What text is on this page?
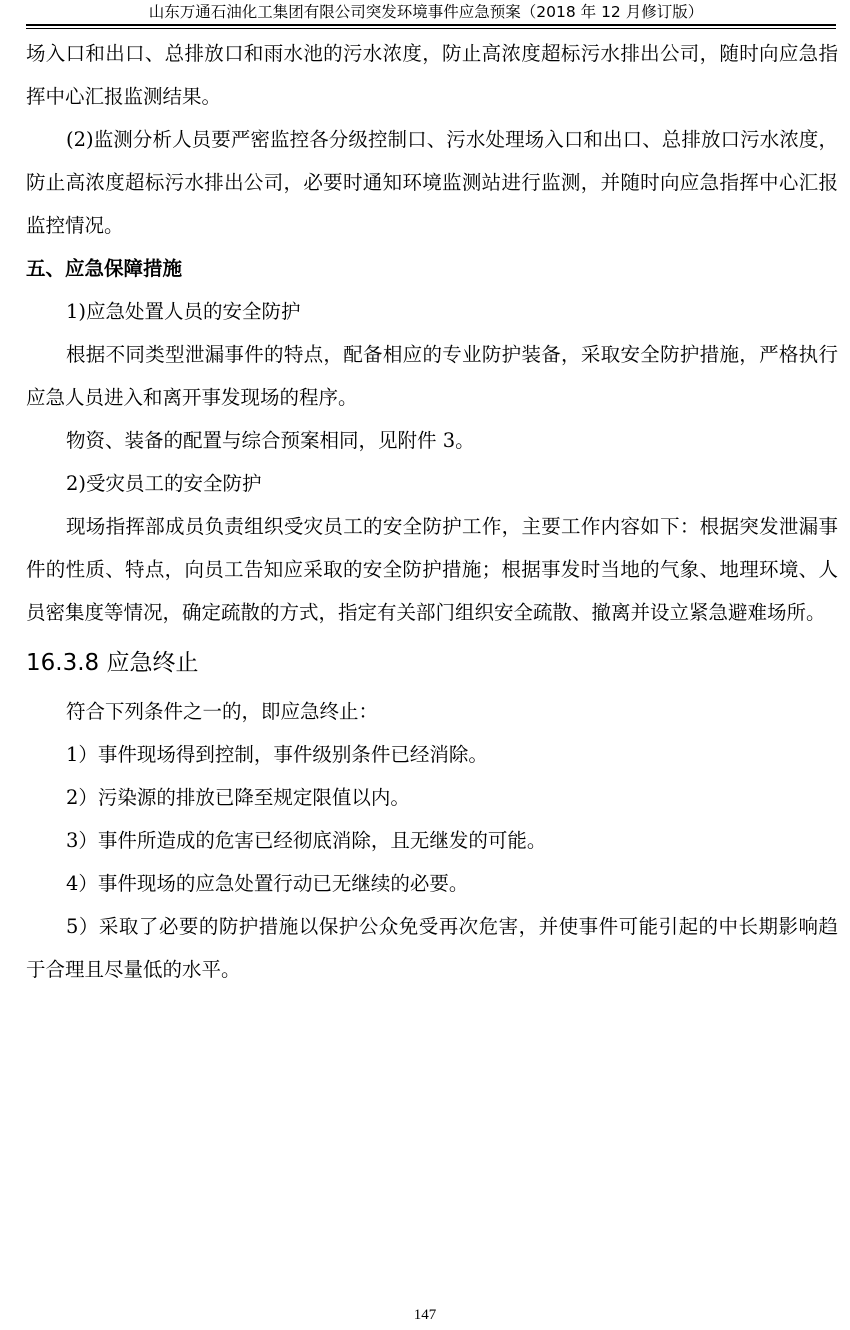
山东万通石油化工集团有限公司突发环境事件应急预案（2018 年 12 月修订版）

场入口和出口、总排放口和雨水池的污水浓度，防止高浓度超标污水排出公司，随时向应急指挥中心汇报监测结果。

(2)监测分析人员要严密监控各分级控制口、污水处理场入口和出口、总排放口污水浓度，防止高浓度超标污水排出公司，必要时通知环境监测站进行监测，并随时向应急指挥中心汇报监控情况。

五、应急保障措施

1)应急处置人员的安全防护

根据不同类型泄漏事件的特点，配备相应的专业防护装备，采取安全防护措施，严格执行应急人员进入和离开事发现场的程序。

物资、装备的配置与综合预案相同，见附件 3。

2)受灾员工的安全防护

现场指挥部成员负责组织受灾员工的安全防护工作，主要工作内容如下：根据突发泄漏事件的性质、特点，向员工告知应采取的安全防护措施；根据事发时当地的气象、地理环境、人员密集度等情况，确定疏散的方式，指定有关部门组织安全疏散、撤离并设立紧急避难场所。

16.3.8 应急终止

符合下列条件之一的，即应急终止：

1）事件现场得到控制，事件级别条件已经消除。

2）污染源的排放已降至规定限值以内。

3）事件所造成的危害已经彻底消除，且无继发的可能。

4）事件现场的应急处置行动已无继续的必要。

5）采取了必要的防护措施以保护公众免受再次危害，并使事件可能引起的中长期影响趋于合理且尽量低的水平。

147
